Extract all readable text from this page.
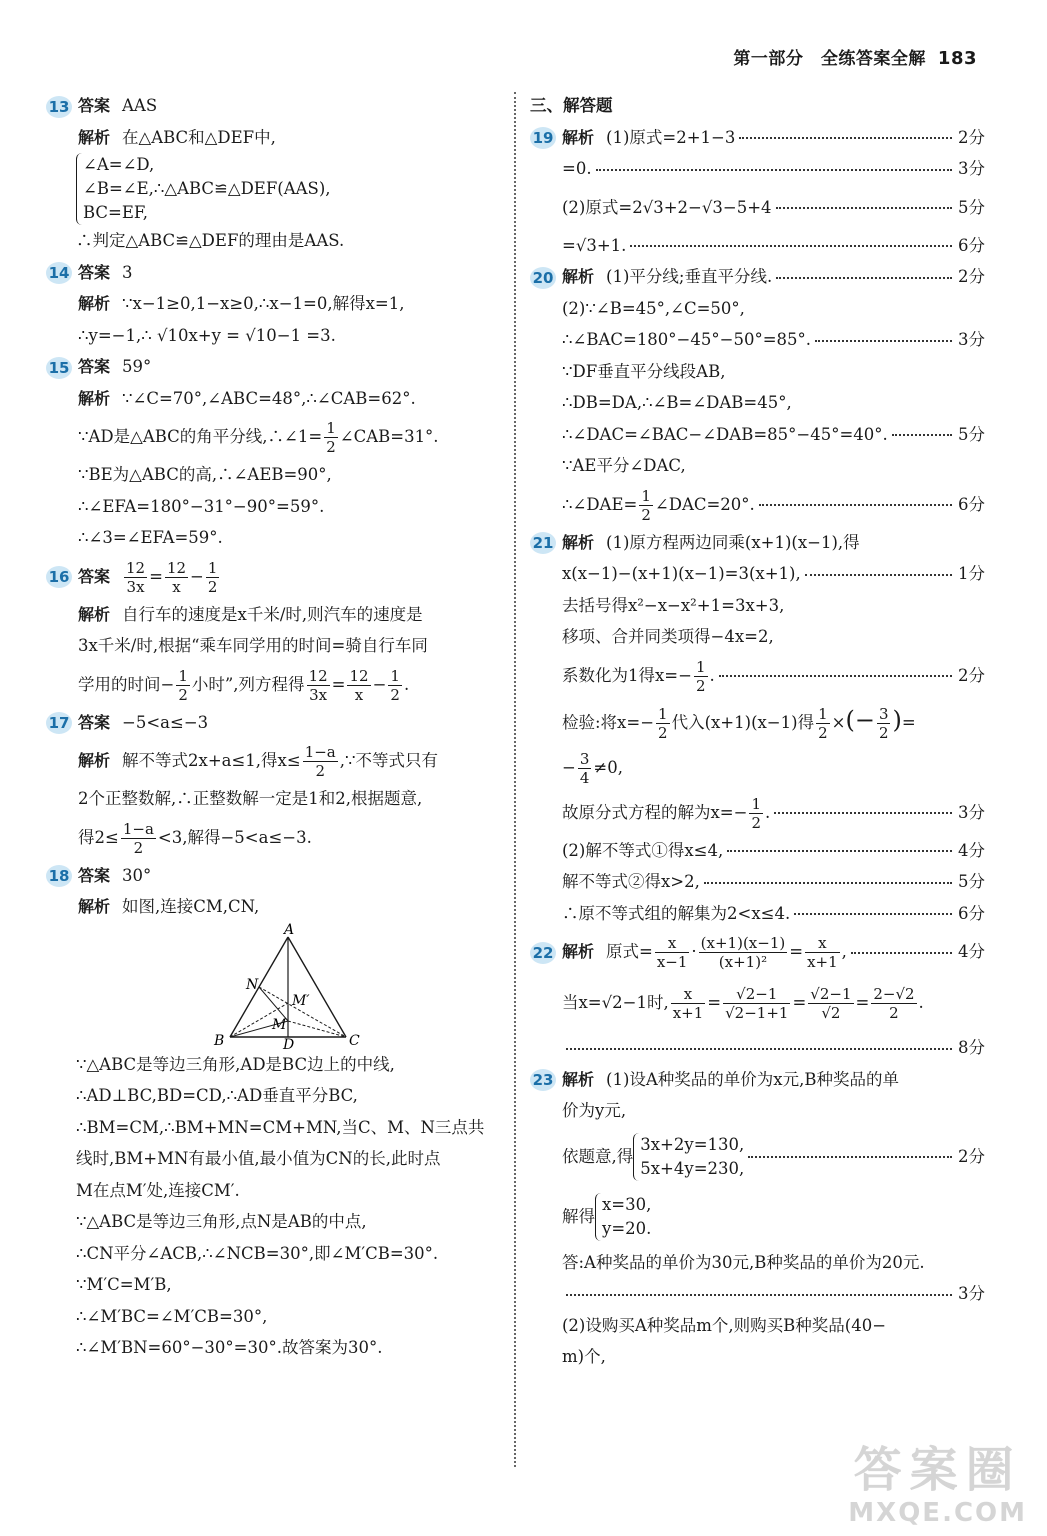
第一部分　全练答案全解 183
13 答案 AAS
解析 在△ABC和△DEF中,
∠A=∠D,
∠B=∠E,∴△ABC≌△DEF(AAS),
BC=EF,
∴判定△ABC≌△DEF的理由是AAS.
14 答案 3
解析 ∵x−1≥0,1−x≥0,∴x−1=0,解得x=1,
∴y=−1,∴ √10x+y = √10−1 =3.
15 答案 59°
解析 ∵∠C=70°,∠ABC=48°,∴∠CAB=62°.
∵AD是△ABC的角平分线,∴∠1= $\frac{1}{2}$ ∠CAB=31°.
∵BE为△ABC的高,∴∠AEB=90°,
∴∠EFA=180°−31°−90°=59°.
∴∠3=∠EFA=59°.
16 答案 $\frac{12}{3x} = \frac{12}{x} - \frac{1}{2}$
解析 自行车的速度是x千米/时,则汽车的速度是
3x千米/时,根据“乘车同学用的时间=骑自行车同
学用的时间− $\frac{1}{2}$ 小时”,列方程得 $\frac{12}{3x} = \frac{12}{x} - \frac{1}{2}$ .
17 答案 −5<a≤−3
解析 解不等式2x+a≤1,得$x\le \frac{1-a}{2}$ ,∵不等式只有
2个正整数解,∴正整数解一定是1和2,根据题意,
得$2\le \frac{1-a}{2} <3$,解得−5<a≤−3.
18 答案 30°
解析 如图,连接CM,CN,
A
B	C
D
N
M
M′
∵△ABC是等边三角形,AD是BC边上的中线,
∴AD⊥BC,BD=CD,∴AD垂直平分BC,
∴BM=CM,∴BM+MN=CM+MN,当C、M、N三点共
线时,BM+MN有最小值,最小值为CN的长,此时点
M在点M′处,连接CM′.
∵△ABC是等边三角形,点N是AB的中点,
∴CN平分∠ACB,∴∠NCB=30°,即∠M′CB=30°.
∵M′C=M′B,
∴∠M′BC=∠M′CB=30°,
∴∠M′BN=60°−30°=30°.故答案为30°.
三、解答题
19 解析 (1)原式=2+1−3	2分
=0.	3分
(2)原式=2√3+2−√3−5+4	5分
=√3+1.	6分
20 解析 (1)平分线;垂直平分线.	2分
(2)∵∠B=45°,∠C=50°,
∴∠BAC=180°−45°−50°=85°.	3分
∵DF垂直平分线段AB,
∴DB=DA,∴∠B=∠DAB=45°,
∴∠DAC=∠BAC−∠DAB=85°−45°=40°.	5分
∵AE平分∠DAC,
∴∠DAE= $\frac{1}{2}$ ∠DAC=20°.	6分
21 解析 (1)原方程两边同乘(x+1)(x−1),得
x(x−1)−(x+1)(x−1)=3(x+1),	1分
去括号得x²−x−x²+1=3x+3,
移项、合并同类项得−4x=2,
系数化为1得$x=- \frac{1}{2}$ .	2分
检验:将$x=- \frac{1}{2}$ 代入(x+1)(x−1)得 $\frac{1}{2}$ ×(− $\frac{3}{2}$ )=
− $\frac{3}{4} \ne 0$,
故原分式方程的解为$x=- \frac{1}{2}$ .	3分
(2)解不等式①得x≤4,	4分
解不等式②得x>2,	5分
∴原不等式组的解集为2<x≤4.	6分
22 解析 原式= $\frac{x}{x-1} \cdot \frac{(x+1)(x-1)}{\text{(x+1)²}} = \frac{x}{x+1}$ ,	4分
当x=√2−1时, $\frac{x}{x+1} = \frac{√2-1}{√2-1+1} = \frac{√2-1}{√2} = \frac{2-√2}{2}$ .
8分
23 解析 (1)设A种奖品的单价为x元,B种奖品的单
价为y元,
依题意,得
3x+2y=130,
5x+4y=230,
2分
解得
x=30,
y=20.
答:A种奖品的单价为30元,B种奖品的单价为20元.
3分
(2)设购买A种奖品m个,则购买B种奖品(40−
m)个,
答案圈
MXQE.COM
